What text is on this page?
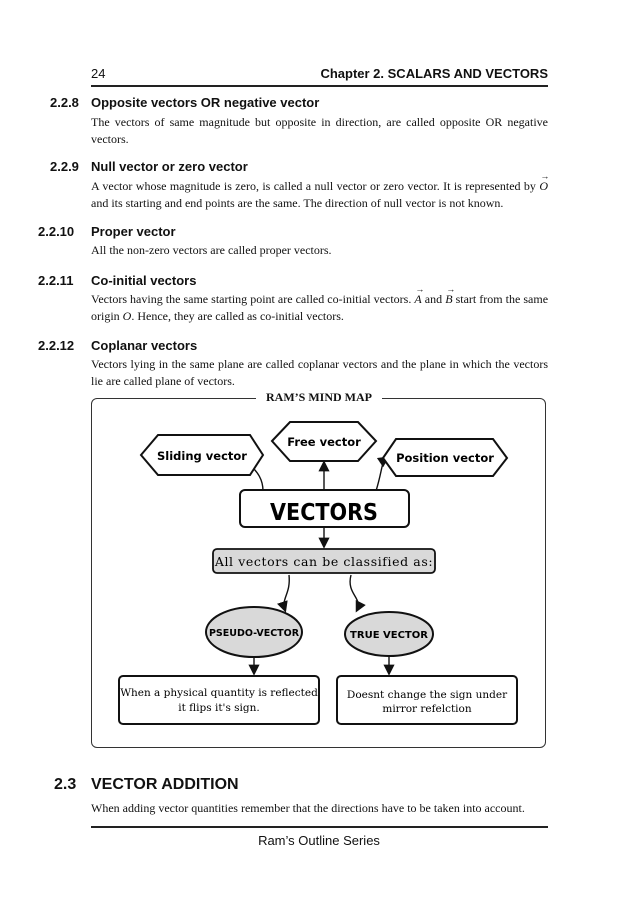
24	Chapter 2. SCALARS AND VECTORS
2.2.8 Opposite vectors OR negative vector
The vectors of same magnitude but opposite in direction, are called opposite OR negative vectors.
2.2.9 Null vector or zero vector
A vector whose magnitude is zero, is called a null vector or zero vector. It is represented by → O and its starting and end points are the same. The direction of null vector is not known.
2.2.10 Proper vector
All the non-zero vectors are called proper vectors.
2.2.11 Co-initial vectors
Vectors having the same starting point are called co-initial vectors. → A and → B start from the same origin O. Hence, they are called as co-initial vectors.
2.2.12 Coplanar vectors
Vectors lying in the same plane are called coplanar vectors and the plane in which the vectors lie are called plane of vectors.
Sliding vector
Free vector
Position vector
VECTORS
All vectors can be classified as:
PSEUDO-VECTOR	TRUE VECTOR
When a physical quantity is reflected
it flips it's sign.
Doesnt change the sign under
mirror refelction
RAM’S MIND MAP
2.3 VECTOR ADDITION
When adding vector quantities remember that the directions have to be taken into account.
Ram’s Outline Series
